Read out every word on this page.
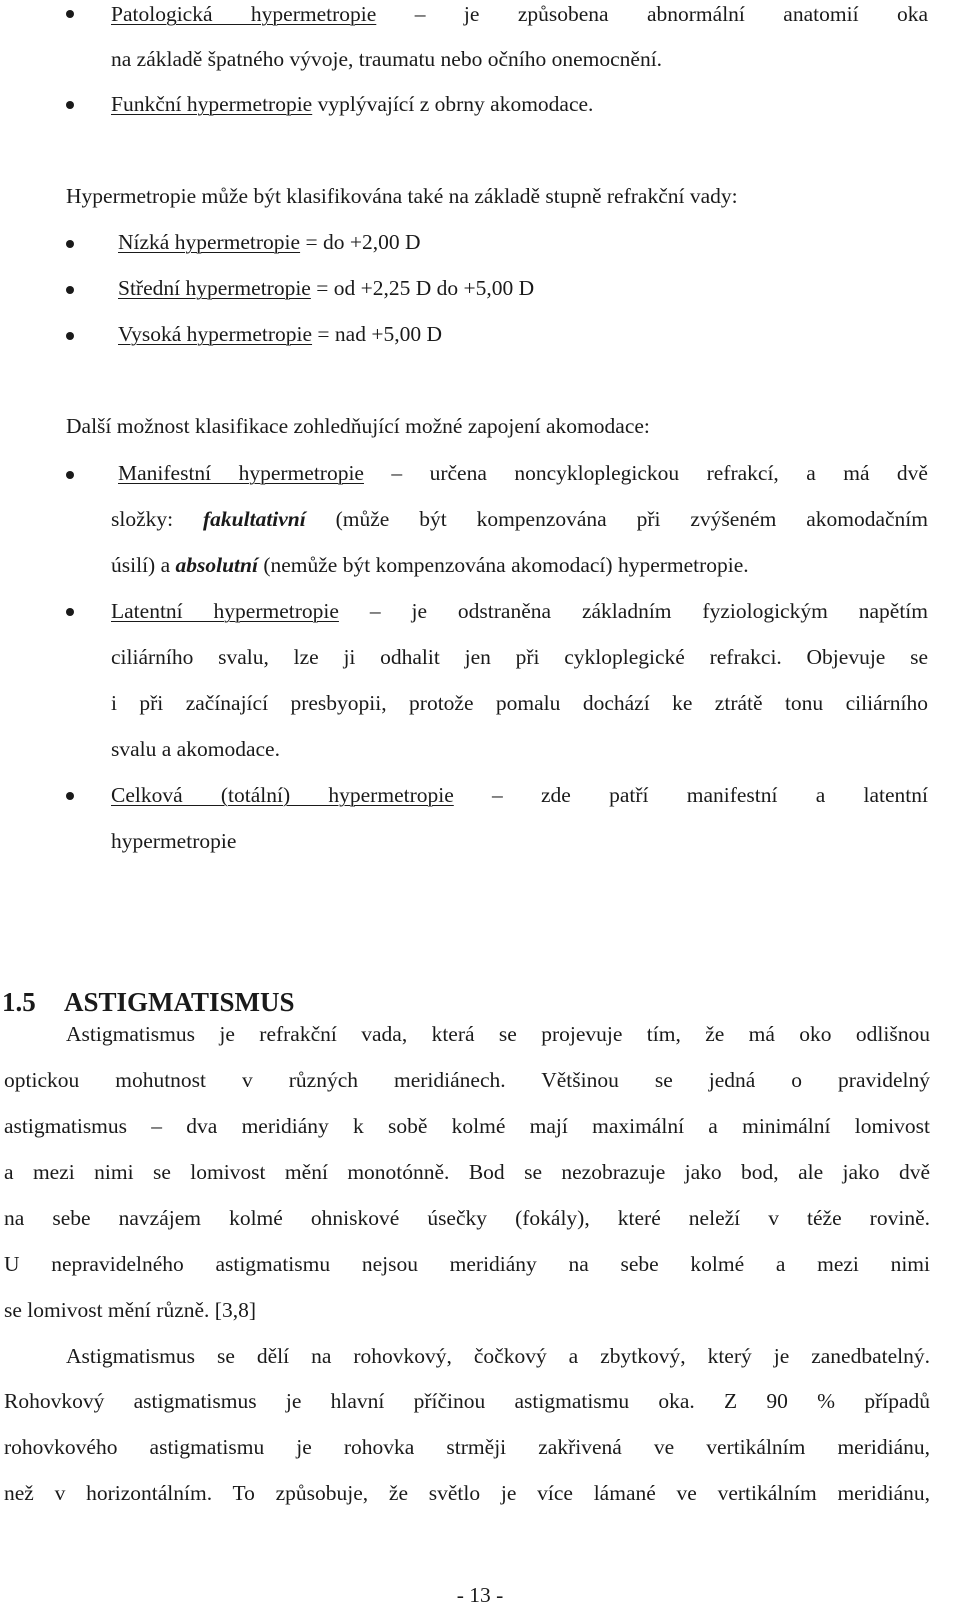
Patologická hypermetropie – je způsobena abnormální anatomií oka

na základě špatného vývoje, traumatu nebo očního onemocnění.

Funkční hypermetropie vyplývající z obrny akomodace.

Hypermetropie může být klasifikována také na základě stupně refrakční vady:

Nízká hypermetropie = do +2,00 D

Střední hypermetropie = od +2,25 D do +5,00 D

Vysoká hypermetropie = nad +5,00 D

Další možnost klasifikace zohledňující možné zapojení akomodace:

Manifestní hypermetropie – určena noncykloplegickou refrakcí, a má dvě

složky: fakultativní (může být kompenzována při zvýšeném akomodačním

úsilí) a absolutní (nemůže být kompenzována akomodací) hypermetropie.

Latentní hypermetropie – je odstraněna základním fyziologickým napětím

ciliárního svalu, lze ji odhalit jen při cykloplegické refrakci. Objevuje se

i při začínající presbyopii, protože pomalu dochází ke ztrátě tonu ciliárního

svalu a akomodace.

Celková (totální) hypermetropie – zde patří manifestní a latentní

hypermetropie

1.5 ASTIGMATISMUS

Astigmatismus je refrakční vada, která se projevuje tím, že má oko odlišnou

optickou mohutnost v různých meridiánech. Většinou se jedná o pravidelný

astigmatismus – dva meridiány k sobě kolmé mají maximální a minimální lomivost

a mezi nimi se lomivost mění monotónně. Bod se nezobrazuje jako bod, ale jako dvě

na sebe navzájem kolmé ohniskové úsečky (fokály), které neleží v téže rovině.

U nepravidelného astigmatismu nejsou meridiány na sebe kolmé a mezi nimi

se lomivost mění různě. [3,8]

Astigmatismus se dělí na rohovkový, čočkový a zbytkový, který je zanedbatelný.

Rohovkový astigmatismus je hlavní příčinou astigmatismu oka. Z 90 % případů

rohovkového astigmatismu je rohovka strměji zakřivená ve vertikálním meridiánu,

než v horizontálním. To způsobuje, že světlo je více lámané ve vertikálním meridiánu,

- 13 -
